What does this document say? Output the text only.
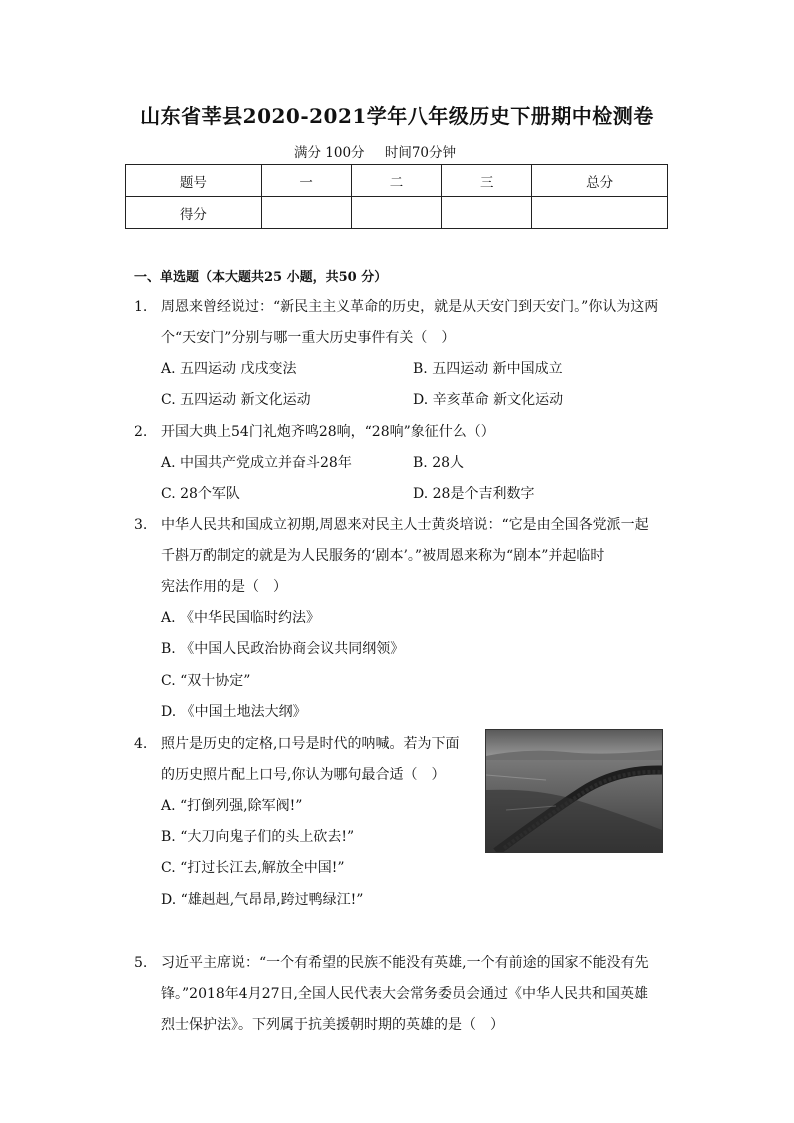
山东省莘县2020-2021学年八年级历史下册期中检测卷
满分 100分 时间70分钟
题号	一	二	三	总分
得分				
一、单选题（本大题共25 小题，共50 分）
1. 周恩来曾经说过：“新民主主义革命的历史，就是从天安门到天安门。”你认为这两
个“天安门”分别与哪一重大历史事件有关（　）
A. 五四运动 戊戌变法	B. 五四运动 新中国成立
C. 五四运动 新文化运动	D. 辛亥革命 新文化运动
2. 开国大典上54门礼炮齐鸣28响，“28响”象征什么（）
A. 中国共产党成立并奋斗28年	B. 28人
C. 28个军队	D. 28是个吉利数字
3. 中华人民共和国成立初期,周恩来对民主人士黄炎培说：“它是由全国各党派一起
千斟万酌制定的就是为人民服务的‘剧本’。”被周恩来称为“剧本”并起临时
宪法作用的是（　）
A. 《中华民国临时约法》
B. 《中国人民政治协商会议共同纲领》
C. “双十协定”
D. 《中国土地法大纲》
4. 照片是历史的定格,口号是时代的呐喊。若为下面
的历史照片配上口号,你认为哪句最合适（　）
A. “打倒列强,除军阀!”
B. “大刀向鬼子们的头上砍去!”
C. “打过长江去,解放全中国!”
D. “雄赳赳,气昂昂,跨过鸭绿江!”
5. 习近平主席说：“一个有希望的民族不能没有英雄,一个有前途的国家不能没有先
锋。”2018年4月27日,全国人民代表大会常务委员会通过《中华人民共和国英雄
烈士保护法》。下列属于抗美援朝时期的英雄的是（　）
